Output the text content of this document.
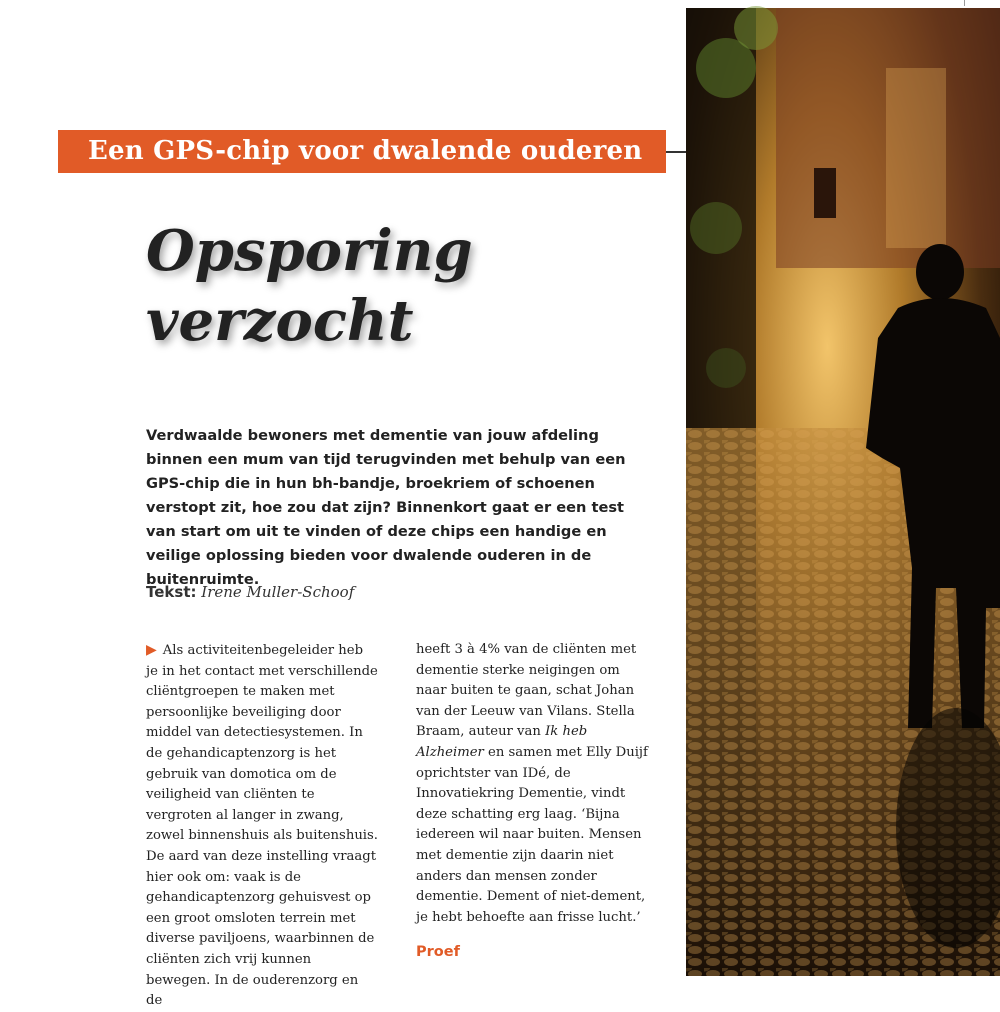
Een GPS-chip voor dwalende ouderen
Opsporing
verzocht

Verdwaalde bewoners met dementie van jouw afdeling binnen een mum van tijd terugvinden met behulp van een GPS-chip die in hun bh-bandje, broekriem of schoenen verstopt zit, hoe zou dat zijn? Binnenkort gaat er een test van start om uit te vinden of deze chips een handige en veilige oplossing bieden voor dwalende ouderen in de buitenruimte.

Tekst: Irene Muller-Schoof

▶ Als activiteitenbegeleider heb je in het contact met verschillende cliëntgroepen te maken met persoonlijke beveiliging door middel van detectiesystemen. In de gehandicaptenzorg is het gebruik van domotica om de veiligheid van cliënten te vergroten al langer in zwang, zowel binnenshuis als buitenshuis. De aard van deze instelling vraagt hier ook om: vaak is de gehandicaptenzorg gehuisvest op een groot omsloten terrein met diverse paviljoens, waarbinnen de cliënten zich vrij kunnen bewegen. In de ouderenzorg en de

heeft 3 à 4% van de cliënten met dementie sterke neigingen om naar buiten te gaan, schat Johan van der Leeuw van Vilans. Stella Braam, auteur van Ik heb Alzheimer en samen met Elly Duijf oprichtster van IDé, de Innovatiekring Dementie, vindt deze schatting erg laag. ‘Bijna iedereen wil naar buiten. Mensen met dementie zijn daarin niet anders dan mensen zonder dementie. Dement of niet-dement, je hebt behoefte aan frisse lucht.’

Proef
